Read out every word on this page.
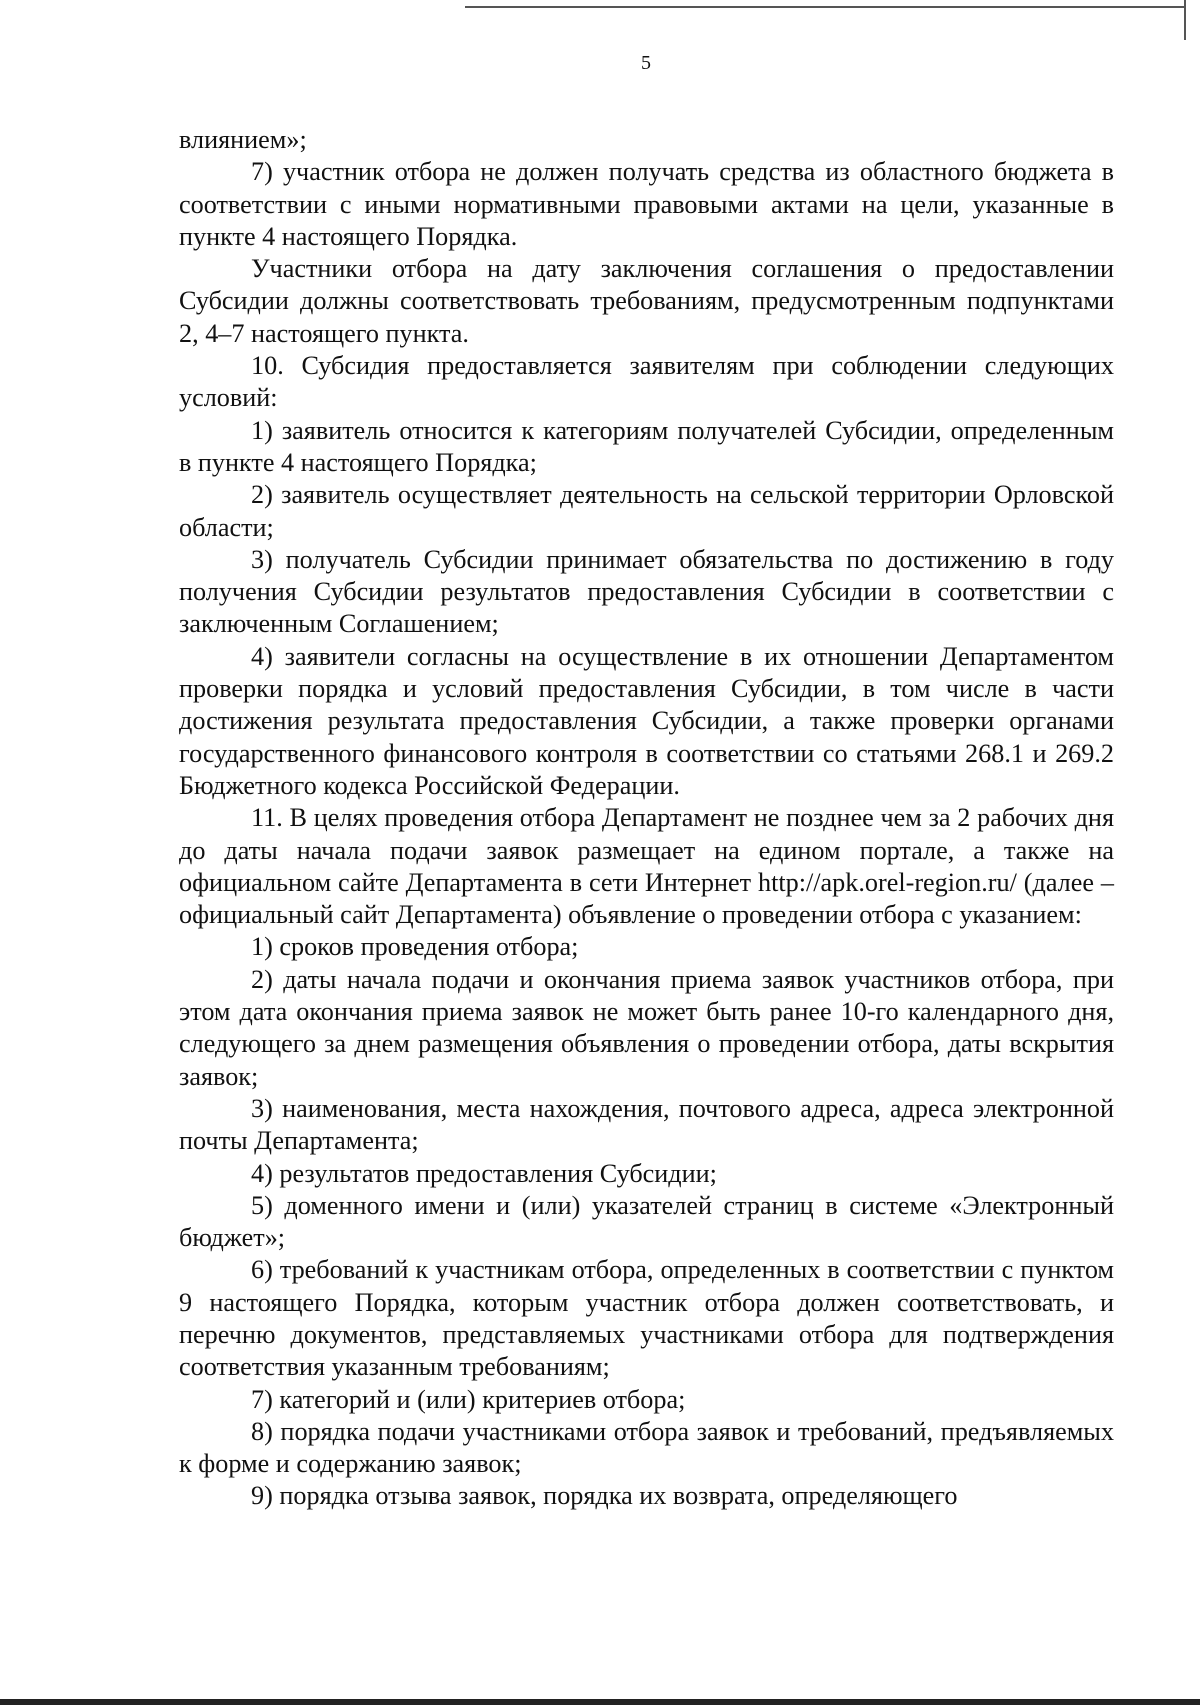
5

влиянием»;

7) участник отбора не должен получать средства из областного бюджета в соответствии с иными нормативными правовыми актами на цели, указанные в пункте 4 настоящего Порядка.

Участники отбора на дату заключения соглашения о предоставлении Субсидии должны соответствовать требованиям, предусмотренным подпунктами 2, 4–7 настоящего пункта.

10. Субсидия предоставляется заявителям при соблюдении следующих условий:

1) заявитель относится к категориям получателей Субсидии, определенным в пункте 4 настоящего Порядка;

2) заявитель осуществляет деятельность на сельской территории Орловской области;

3) получатель Субсидии принимает обязательства по достижению в году получения Субсидии результатов предоставления Субсидии в соответствии с заключенным Соглашением;

4) заявители согласны на осуществление в их отношении Департаментом проверки порядка и условий предоставления Субсидии, в том числе в части достижения результата предоставления Субсидии, а также проверки органами государственного финансового контроля в соответствии со статьями 268.1 и 269.2 Бюджетного кодекса Российской Федерации.

11. В целях проведения отбора Департамент не позднее чем за 2 рабочих дня до даты начала подачи заявок размещает на едином портале, а также на официальном сайте Департамента в сети Интернет http://apk.orel-region.ru/ (далее – официальный сайт Департамента) объявление о проведении отбора с указанием:

1) сроков проведения отбора;

2) даты начала подачи и окончания приема заявок участников отбора, при этом дата окончания приема заявок не может быть ранее 10-го календарного дня, следующего за днем размещения объявления о проведении отбора, даты вскрытия заявок;

3) наименования, места нахождения, почтового адреса, адреса электронной почты Департамента;

4) результатов предоставления Субсидии;

5) доменного имени и (или) указателей страниц в системе «Электронный бюджет»;

6) требований к участникам отбора, определенных в соответствии с пунктом 9 настоящего Порядка, которым участник отбора должен соответствовать, и перечню документов, представляемых участниками отбора для подтверждения соответствия указанным требованиям;

7) категорий и (или) критериев отбора;

8) порядка подачи участниками отбора заявок и требований, предъявляемых к форме и содержанию заявок;

9) порядка отзыва заявок, порядка их возврата, определяющего
